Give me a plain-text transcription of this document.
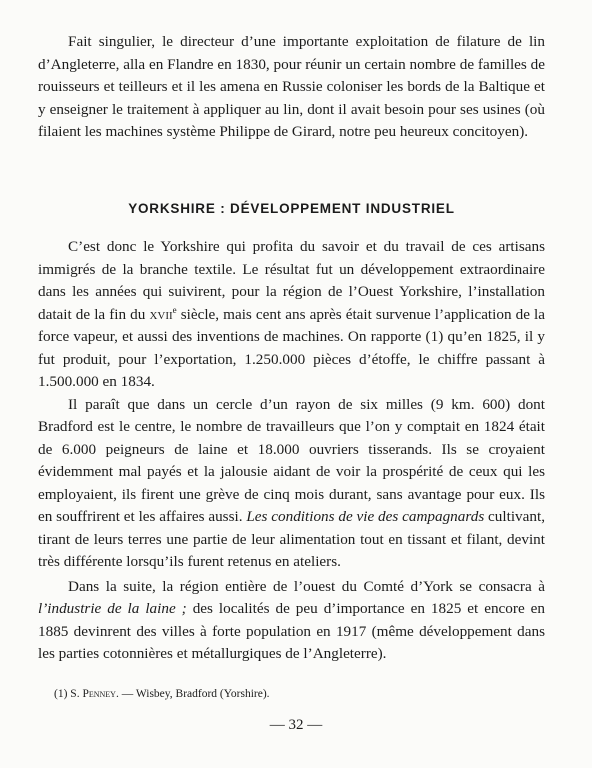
Fait singulier, le directeur d’une importante exploitation de filature de lin d’Angleterre, alla en Flandre en 1830, pour réunir un certain nombre de familles de rouisseurs et teilleurs et il les amena en Russie coloniser les bords de la Baltique et y enseigner le traitement à appliquer au lin, dont il avait besoin pour ses usines (où filaient les machines système Philippe de Girard, notre peu heureux concitoyen).

YORKSHIRE : DÉVELOPPEMENT INDUSTRIEL

C’est donc le Yorkshire qui profita du savoir et du travail de ces artisans immigrés de la branche textile. Le résultat fut un développement extraordinaire dans les années qui suivirent, pour la région de l’Ouest Yorkshire, l’installation datait de la fin du xvii$^e$ siècle, mais cent ans après était survenue l’application de la force vapeur, et aussi des inventions de machines. On rapporte (1) qu’en 1825, il y fut produit, pour l’exportation, 1.250.000 pièces d’étoffe, le chiffre passant à 1.500.000 en 1834.

Il paraît que dans un cercle d’un rayon de six milles (9 km. 600) dont Bradford est le centre, le nombre de travailleurs que l’on y comptait en 1824 était de 6.000 peigneurs de laine et 18.000 ouvriers tisserands. Ils se croyaient évidemment mal payés et la jalousie aidant de voir la prospérité de ceux qui les employaient, ils firent une grève de cinq mois durant, sans avantage pour eux. Ils en souffrirent et les affaires aussi. Les conditions de vie des campagnards cultivant, tirant de leurs terres une partie de leur alimentation tout en tissant et filant, devint très différente lorsqu’ils furent retenus en ateliers.

Dans la suite, la région entière de l’ouest du Comté d’York se consacra à l’industrie de la laine ; des localités de peu d’importance en 1825 et encore en 1885 devinrent des villes à forte population en 1917 (même développement dans les parties cotonnières et métallurgiques de l’Angleterre).

(1) S. Penney. — Wisbey, Bradford (Yorshire).
— 32 —
